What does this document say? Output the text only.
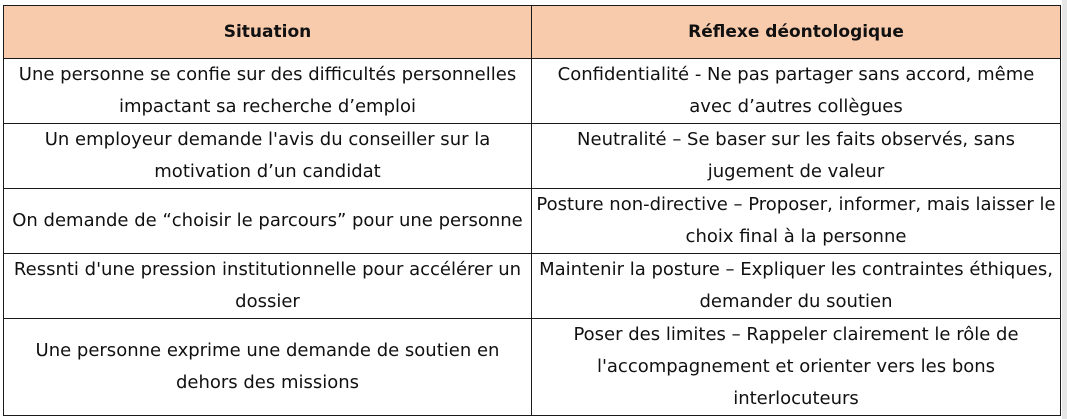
Situation	Réflexe déontologique
Une personne se confie sur des difficultés personnelles impactant sa recherche d’emploi	Confidentialité - Ne pas partager sans accord, même avec d’autres collègues
Un employeur demande l'avis du conseiller sur la motivation d’un candidat	Neutralité – Se baser sur les faits observés, sans jugement de valeur
On demande de “choisir le parcours” pour une personne	Posture non-directive – Proposer, informer, mais laisser le choix final à la personne
Ressnti d'une pression institutionnelle pour accélérer un dossier	Maintenir la posture – Expliquer les contraintes éthiques, demander du soutien
Une personne exprime une demande de soutien en dehors des missions	Poser des limites – Rappeler clairement le rôle de l'accompagnement et orienter vers les bons interlocuteurs
